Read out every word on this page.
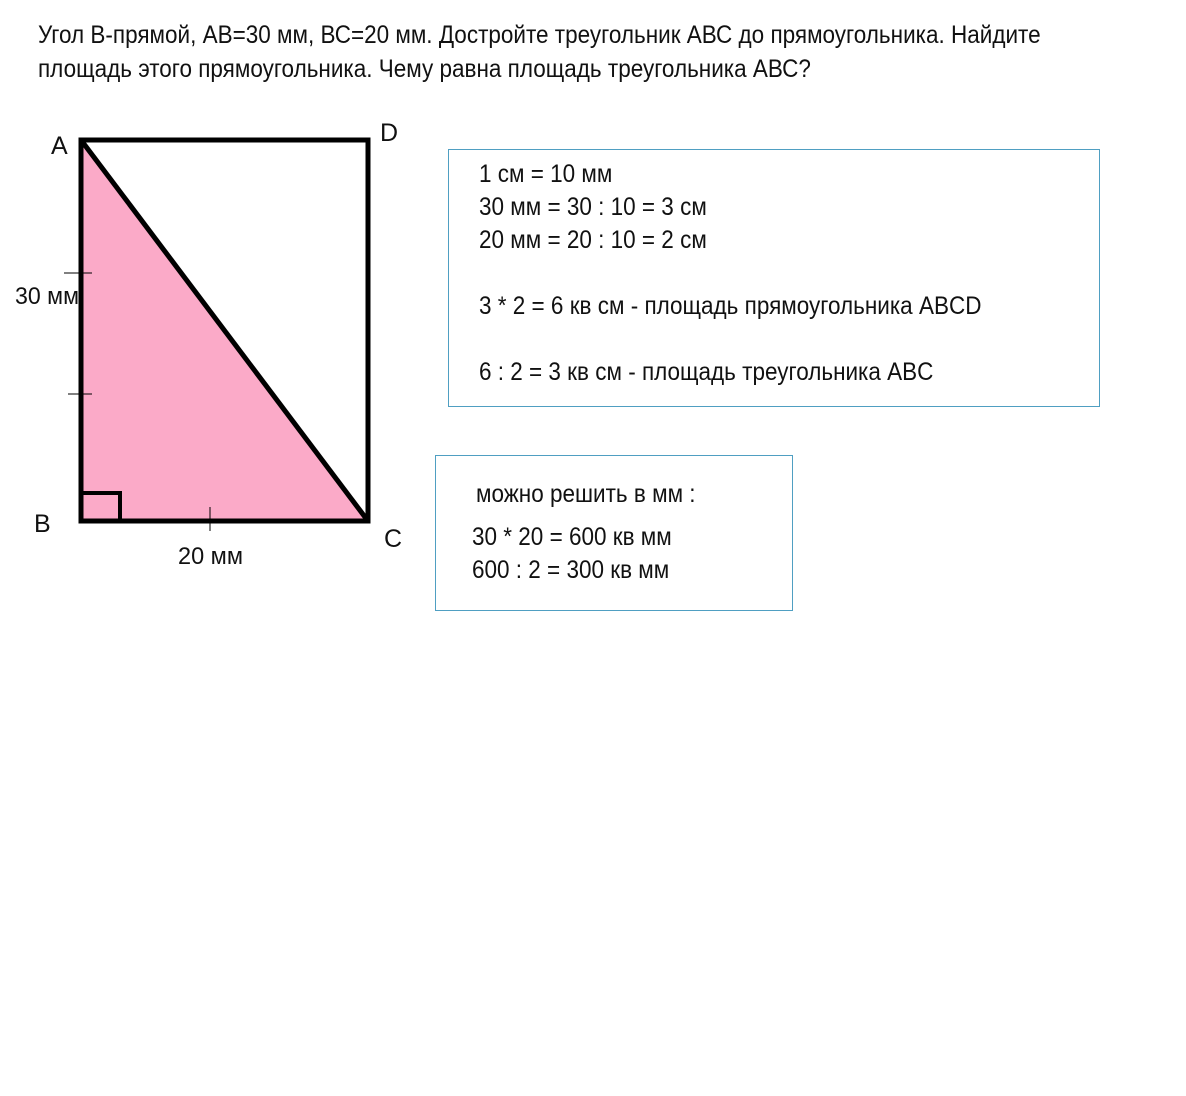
Угол В-прямой, АВ=30 мм, ВС=20 мм. Достройте треугольник АВС до прямоугольника. Найдите
площадь этого прямоугольника. Чему равна площадь треугольника АВС?
A	D
B
C
30 мм
20 мм
1 см = 10 мм
30 мм = 30 : 10 = 3 см
20 мм = 20 : 10 = 2 см
3 * 2 = 6 кв см - площадь прямоугольника ABCD
6 : 2 = 3 кв см - площадь треугольника ABC
можно решить в мм :
30 * 20 = 600 кв мм
600 : 2 = 300 кв мм
